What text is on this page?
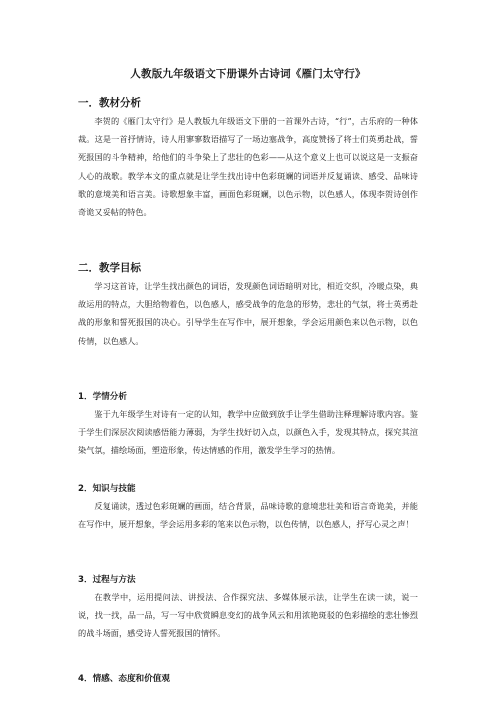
人教版九年级语文下册课外古诗词《雁门太守行》
一．教材分析
李贺的《雁门太守行》是人教版九年级语文下册的一首课外古诗，“行”，古乐府的一种体裁。这是一首抒情诗，诗人用寥寥数语描写了一场边塞战争，高度赞扬了将士们英勇赴战，誓死报国的斗争精神，给他们的斗争染上了悲壮的色彩——从这个意义上也可以说这是一支振奋人心的战歌。教学本文的重点就是让学生找出诗中色彩斑斓的词语并反复诵读、感受、品味诗歌的意境美和语言美。诗歌想象丰富，画面色彩斑斓，以色示物，以色感人，体现李贺诗创作奇诡又妥帖的特色。
二．教学目标
学习这首诗，让学生找出颜色的词语，发现颜色词语暗明对比，相近交织，冷暖点染，典故运用的特点，大胆给物着色，以色感人，感受战争的危急的形势，悲壮的气氛，将士英勇赴战的形象和誓死报国的决心。引导学生在写作中，展开想象，学会运用颜色来以色示物，以色传情，以色感人。
1．学情分析
鉴于九年级学生对诗有一定的认知，教学中应做到放手让学生借助注释理解诗歌内容。鉴于学生们深层次阅读感悟能力薄弱，为学生找好切入点，以颜色入手，发现其特点，探究其渲染气氛，描绘场面，塑造形象，传达情感的作用，激发学生学习的热情。
2．知识与技能
反复诵读，透过色彩斑斓的画面，结合背景，品味诗歌的意境悲壮美和语言奇诡美，并能在写作中，展开想象，学会运用多彩的笔来以色示物，以色传情，以色感人，抒写心灵之声！
3．过程与方法
在教学中，运用提问法、讲授法、合作探究法、多媒体展示法，让学生在读一读，说一说，找一找，品一品，写一写中欣赏瞬息变幻的战争风云和用浓艳斑驳的色彩描绘的悲壮惨烈的战斗场面，感受诗人誓死报国的情怀。
4．情感、态度和价值观
